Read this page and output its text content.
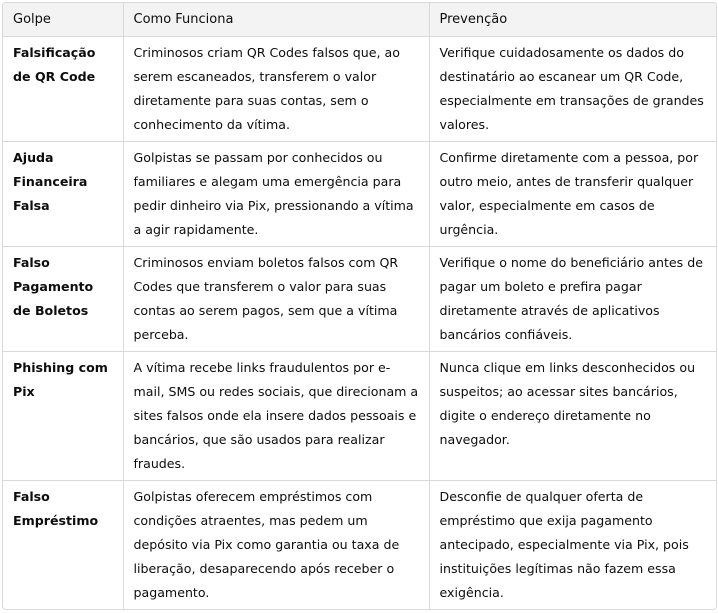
Golpe	Como Funciona	Prevenção
Falsificação de QR Code	Criminosos criam QR Codes falsos que, ao serem escaneados, transferem o valor diretamente para suas contas, sem o conhecimento da vítima.	Verifique cuidadosamente os dados do destinatário ao escanear um QR Code, especialmente em transações de grandes valores.
Ajuda Financeira Falsa	Golpistas se passam por conhecidos ou familiares e alegam uma emergência para pedir dinheiro via Pix, pressionando a vítima a agir rapidamente.	Confirme diretamente com a pessoa, por outro meio, antes de transferir qualquer valor, especialmente em casos de urgência.
Falso Pagamento de Boletos	Criminosos enviam boletos falsos com QR Codes que transferem o valor para suas contas ao serem pagos, sem que a vítima perceba.	Verifique o nome do beneficiário antes de pagar um boleto e prefira pagar diretamente através de aplicativos bancários confiáveis.
Phishing com Pix	A vítima recebe links fraudulentos por e-mail, SMS ou redes sociais, que direcionam a sites falsos onde ela insere dados pessoais e bancários, que são usados para realizar fraudes.	Nunca clique em links desconhecidos ou suspeitos; ao acessar sites bancários, digite o endereço diretamente no navegador.
Falso Empréstimo	Golpistas oferecem empréstimos com condições atraentes, mas pedem um depósito via Pix como garantia ou taxa de liberação, desaparecendo após receber o pagamento.	Desconfie de qualquer oferta de empréstimo que exija pagamento antecipado, especialmente via Pix, pois instituições legítimas não fazem essa exigência.
